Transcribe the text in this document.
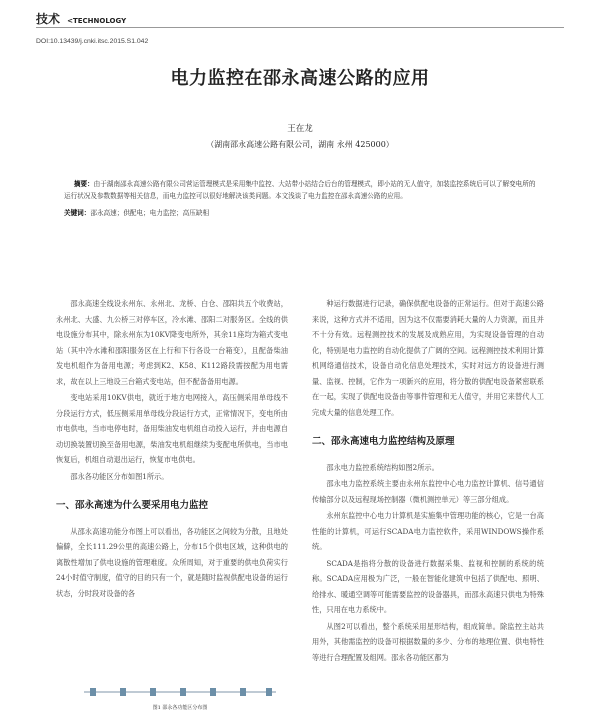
技术 <TECHNOLOGY
DOI:10.13439/j.cnki.itsc.2015.S1.042
电力监控在邵永高速公路的应用
王在龙
（湖南邵永高速公路有限公司，湖南 永州 425000）
摘要：由于湖南邵永高速公路有限公司营运管理模式是采用集中监控、大站带小站结合后台的管理模式，即小站的无人值守，加装监控系统后可以了解变电所的运行状况及参数数据等相关信息，而电力监控可以很好地解决该类问题。本文浅谈了电力监控在邵永高速公路的应用。
关键词：邵永高速；供配电；电力监控；高压缺相

邵永高速全线设永州东、永州北、龙桥、白仓、邵阳共五个收费站，永州北、大盛、九公桥三对停车区，冷水滩、邵阳二对服务区。全线的供电设施分布其中，除永州东为10KV降变电所外，其余11座均为箱式变电站（其中冷水滩和邵阳服务区在上行和下行各设一台箱变），且配备柴油发电机组作为备用电源；考虑到K2、K58、K112路段需按配为用电需求，故在以上三地设三台箱式变电站，但不配备备用电源。

变电站采用10KV供电，就近于地方电网接入，高压侧采用单母线不分段运行方式，低压侧采用单母线分段运行方式，正常情况下，变电所由市电供电，当市电停电时，备用柴油发电机组自动投入运行，并由电源自动切换装置切换至备用电源，柴油发电机组继续为变配电所供电，当市电恢复后，机组自动退出运行，恢复市电供电。

邵永各功能区分布如图1所示。

一、邵永高速为什么要采用电力监控

从邵永高速功能分布图上可以看出，各功能区之间较为分散，且地处偏僻，全长111.29公里的高速公路上，分布15个供电区域，这种供电的离散性增加了供电设施的管理难度。众所周知，对于重要的供电负荷实行24小时值守制度，值守的目的只有一个，就是随时监视供配电设备的运行状态，分时段对设备的各

种运行数据进行记录，确保供配电设备的正常运行。但对于高速公路来说，这种方式并不适用，因为这不仅需要消耗大量的人力资源，而且并不十分有效。远程测控技术的发展及成熟应用，为实现设备管理的自动化，特别是电力监控的自动化提供了广阔的空间。远程测控技术利用计算机网络通信技术，设备自动化信息处理技术，实时对远方的设备进行测量、监视、控制，它作为一项新兴的应用，将分散的供配电设备紧密联系在一起，实现了供配电设备由等事件管理和无人值守，并用它来替代人工完成大量的信息处理工作。

二、邵永高速电力监控结构及原理

邵永电力监控系统结构如图2所示。

邵永电力监控系统主要由永州东监控中心电力监控计算机、信号通信传输部分以及远程现场控制器（微机测控单元）等三部分组成。

永州东监控中心电力计算机是实施集中管理功能的核心，它是一台高性能的计算机，可运行SCADA电力监控软件，采用WINDOWS操作系统。

SCADA是指将分散的设备进行数据采集、监视和控制的系统的统称。SCADA应用极为广泛，一般在智能化建筑中包括了供配电、照明、给排水、暖通空调等可能需要监控的设备器具，而邵永高速只供电为特殊性，只用在电力系统中。

从图2可以看出，整个系统采用星形结构，组成简单。除监控主站共用外，其他需监控的设备可根据数量的多少、分布的地理位置、供电特性等进行合理配置及组网。邵永各功能区都为

图1 邵永各功能区分布图
